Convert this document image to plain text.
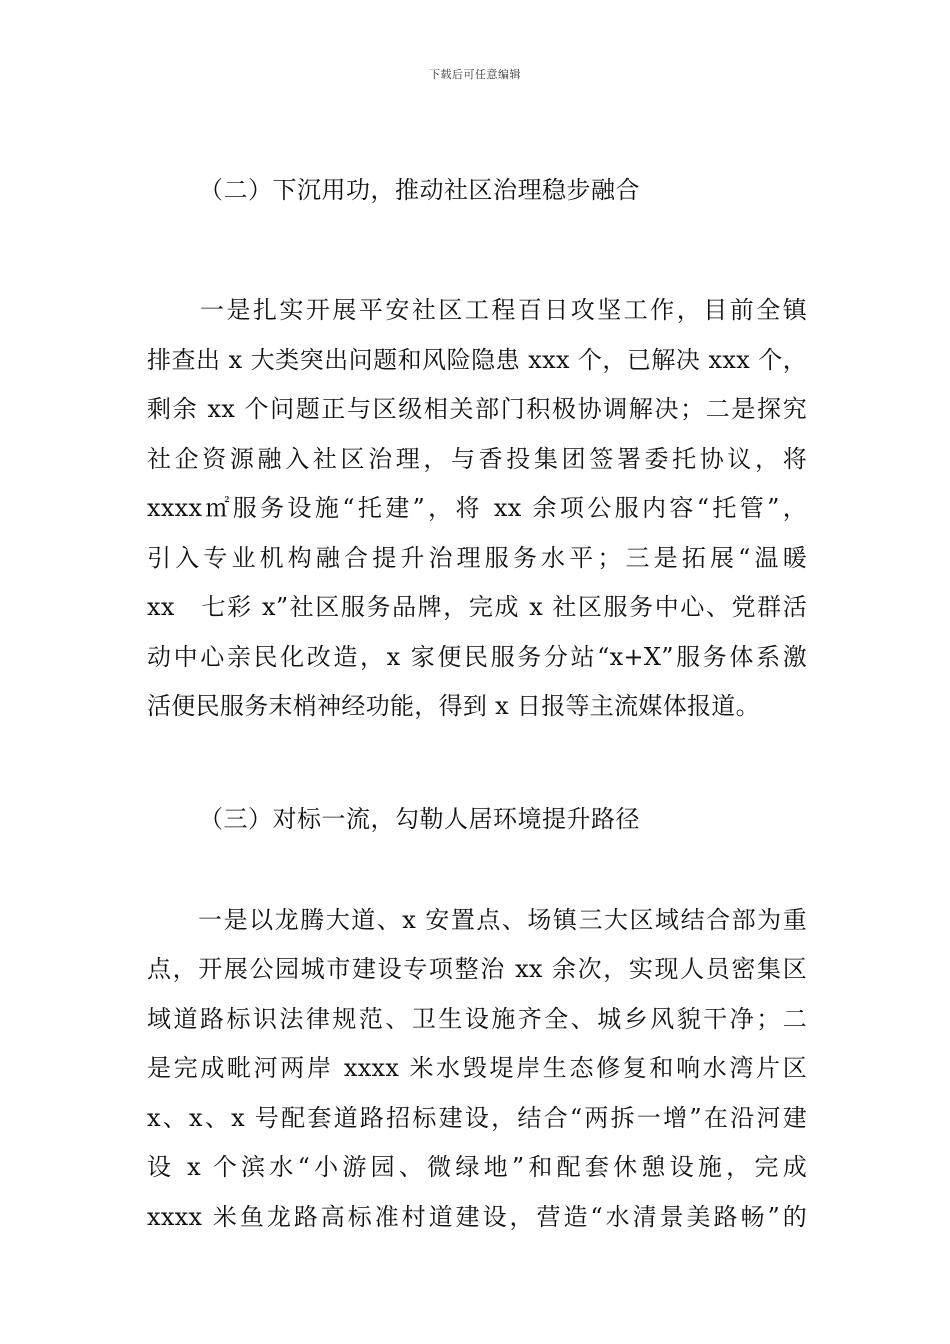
下载后可任意编辑

（二）下沉用功，推动社区治理稳步融合

　　一是扎实开展平安社区工程百日攻坚工作，目前全镇
排查出 x 大类突出问题和风险隐患 xxx 个，已解决 xxx 个，
剩余 xx 个问题正与区级相关部门积极协调解决；二是探究
社企资源融入社区治理，与香投集团签署委托协议，将
xxxx㎡服务设施“托建”，将 xx 余项公服内容“托管”，
引入专业机构融合提升治理服务水平；三是拓展“温暖
xx　七彩 x”社区服务品牌，完成 x 社区服务中心、党群活
动中心亲民化改造，x 家便民服务分站“x+X”服务体系激
活便民服务末梢神经功能，得到 x 日报等主流媒体报道。

（三）对标一流，勾勒人居环境提升路径

　　一是以龙腾大道、x 安置点、场镇三大区域结合部为重
点，开展公园城市建设专项整治 xx 余次，实现人员密集区
域道路标识法律规范、卫生设施齐全、城乡风貌干净；二
是完成毗河两岸 xxxx 米水毁堤岸生态修复和响水湾片区
x、x、x 号配套道路招标建设，结合“两拆一增”在沿河建
设 x 个滨水“小游园、微绿地”和配套休憩设施，完成
xxxx 米鱼龙路高标准村道建设，营造“水清景美路畅”的
